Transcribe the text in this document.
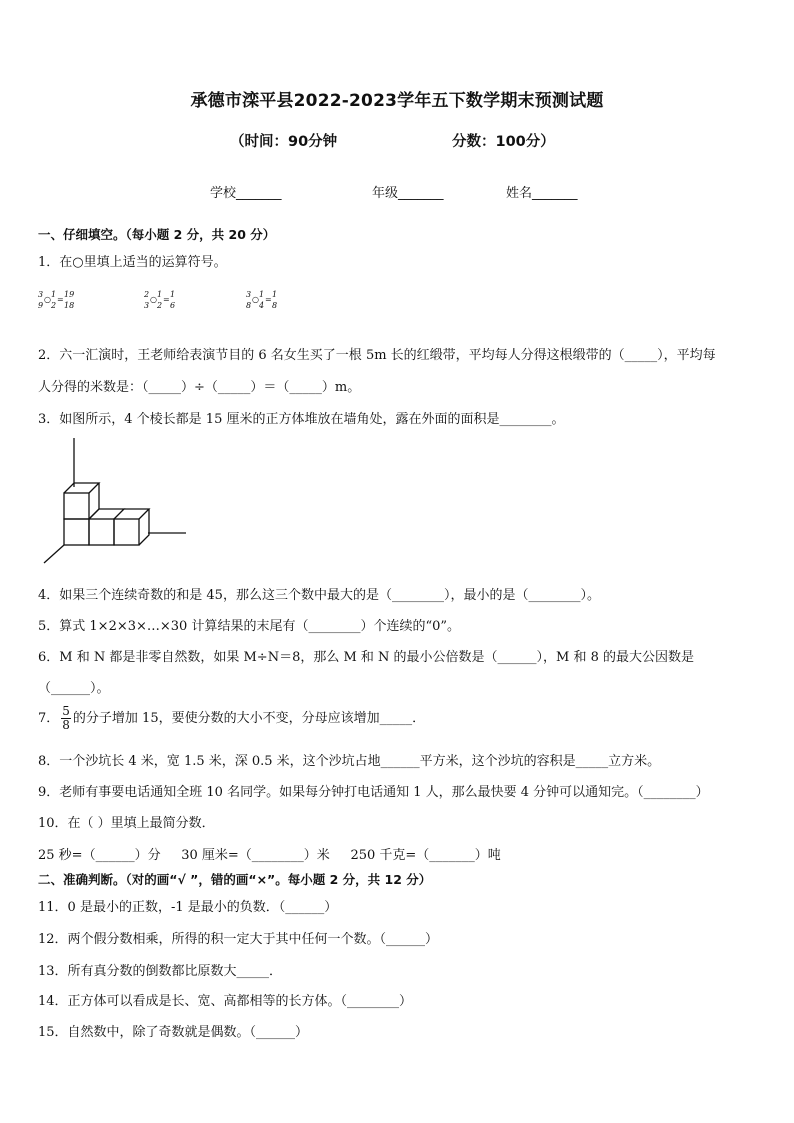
承德市滦平县2022-2023学年五下数学期末预测试题
（时间：90分钟	分数：100分）
学校_______	年级_______	姓名_______
一、仔细填空。（每小题 2 分，共 20 分）
1．在○里填上适当的运算符号。
3
9
○
1
2
=
19
18
2
3
○
1
2
=
1
6
3
8
○
1
4
=
1
8
2．六一汇演时，王老师给表演节目的 6 名女生买了一根 5m 长的红缎带，平均每人分得这根缎带的（_____），平均每
人分得的米数是：（_____）÷（_____）＝（_____）m。
3．如图所示，4 个棱长都是 15 厘米的正方体堆放在墙角处，露在外面的面积是________。
4．如果三个连续奇数的和是 45，那么这三个数中最大的是（________），最小的是（________）。
5．算式 1×2×3×…×30 计算结果的末尾有（________）个连续的“0”。
6．M 和 N 都是非零自然数，如果 M÷N＝8，那么 M 和 N 的最小公倍数是（______），M 和 8 的最大公因数是
（______）。
7． $\frac{5}{8}$ 的分子增加 15，要使分数的大小不变，分母应该增加_____．
8．一个沙坑长 4 米，宽 1.5 米，深 0.5 米，这个沙坑占地______平方米，这个沙坑的容积是_____立方米。
9．老师有事要电话通知全班 10 名同学。如果每分钟打电话通知 1 人，那么最快要 4 分钟可以通知完。（________）
10．在（ ）里填上最简分数．
25 秒=（______）分     30 厘米=（________）米     250 千克=（_______）吨
二、准确判断。（对的画“√ ”，错的画“×”。每小题 2 分，共 12 分）
11．0 是最小的正数，-1 是最小的负数．（______）
12．两个假分数相乘，所得的积一定大于其中任何一个数。（______）
13．所有真分数的倒数都比原数大_____．
14．正方体可以看成是长、宽、高都相等的长方体。（________）
15．自然数中，除了奇数就是偶数。（______）
